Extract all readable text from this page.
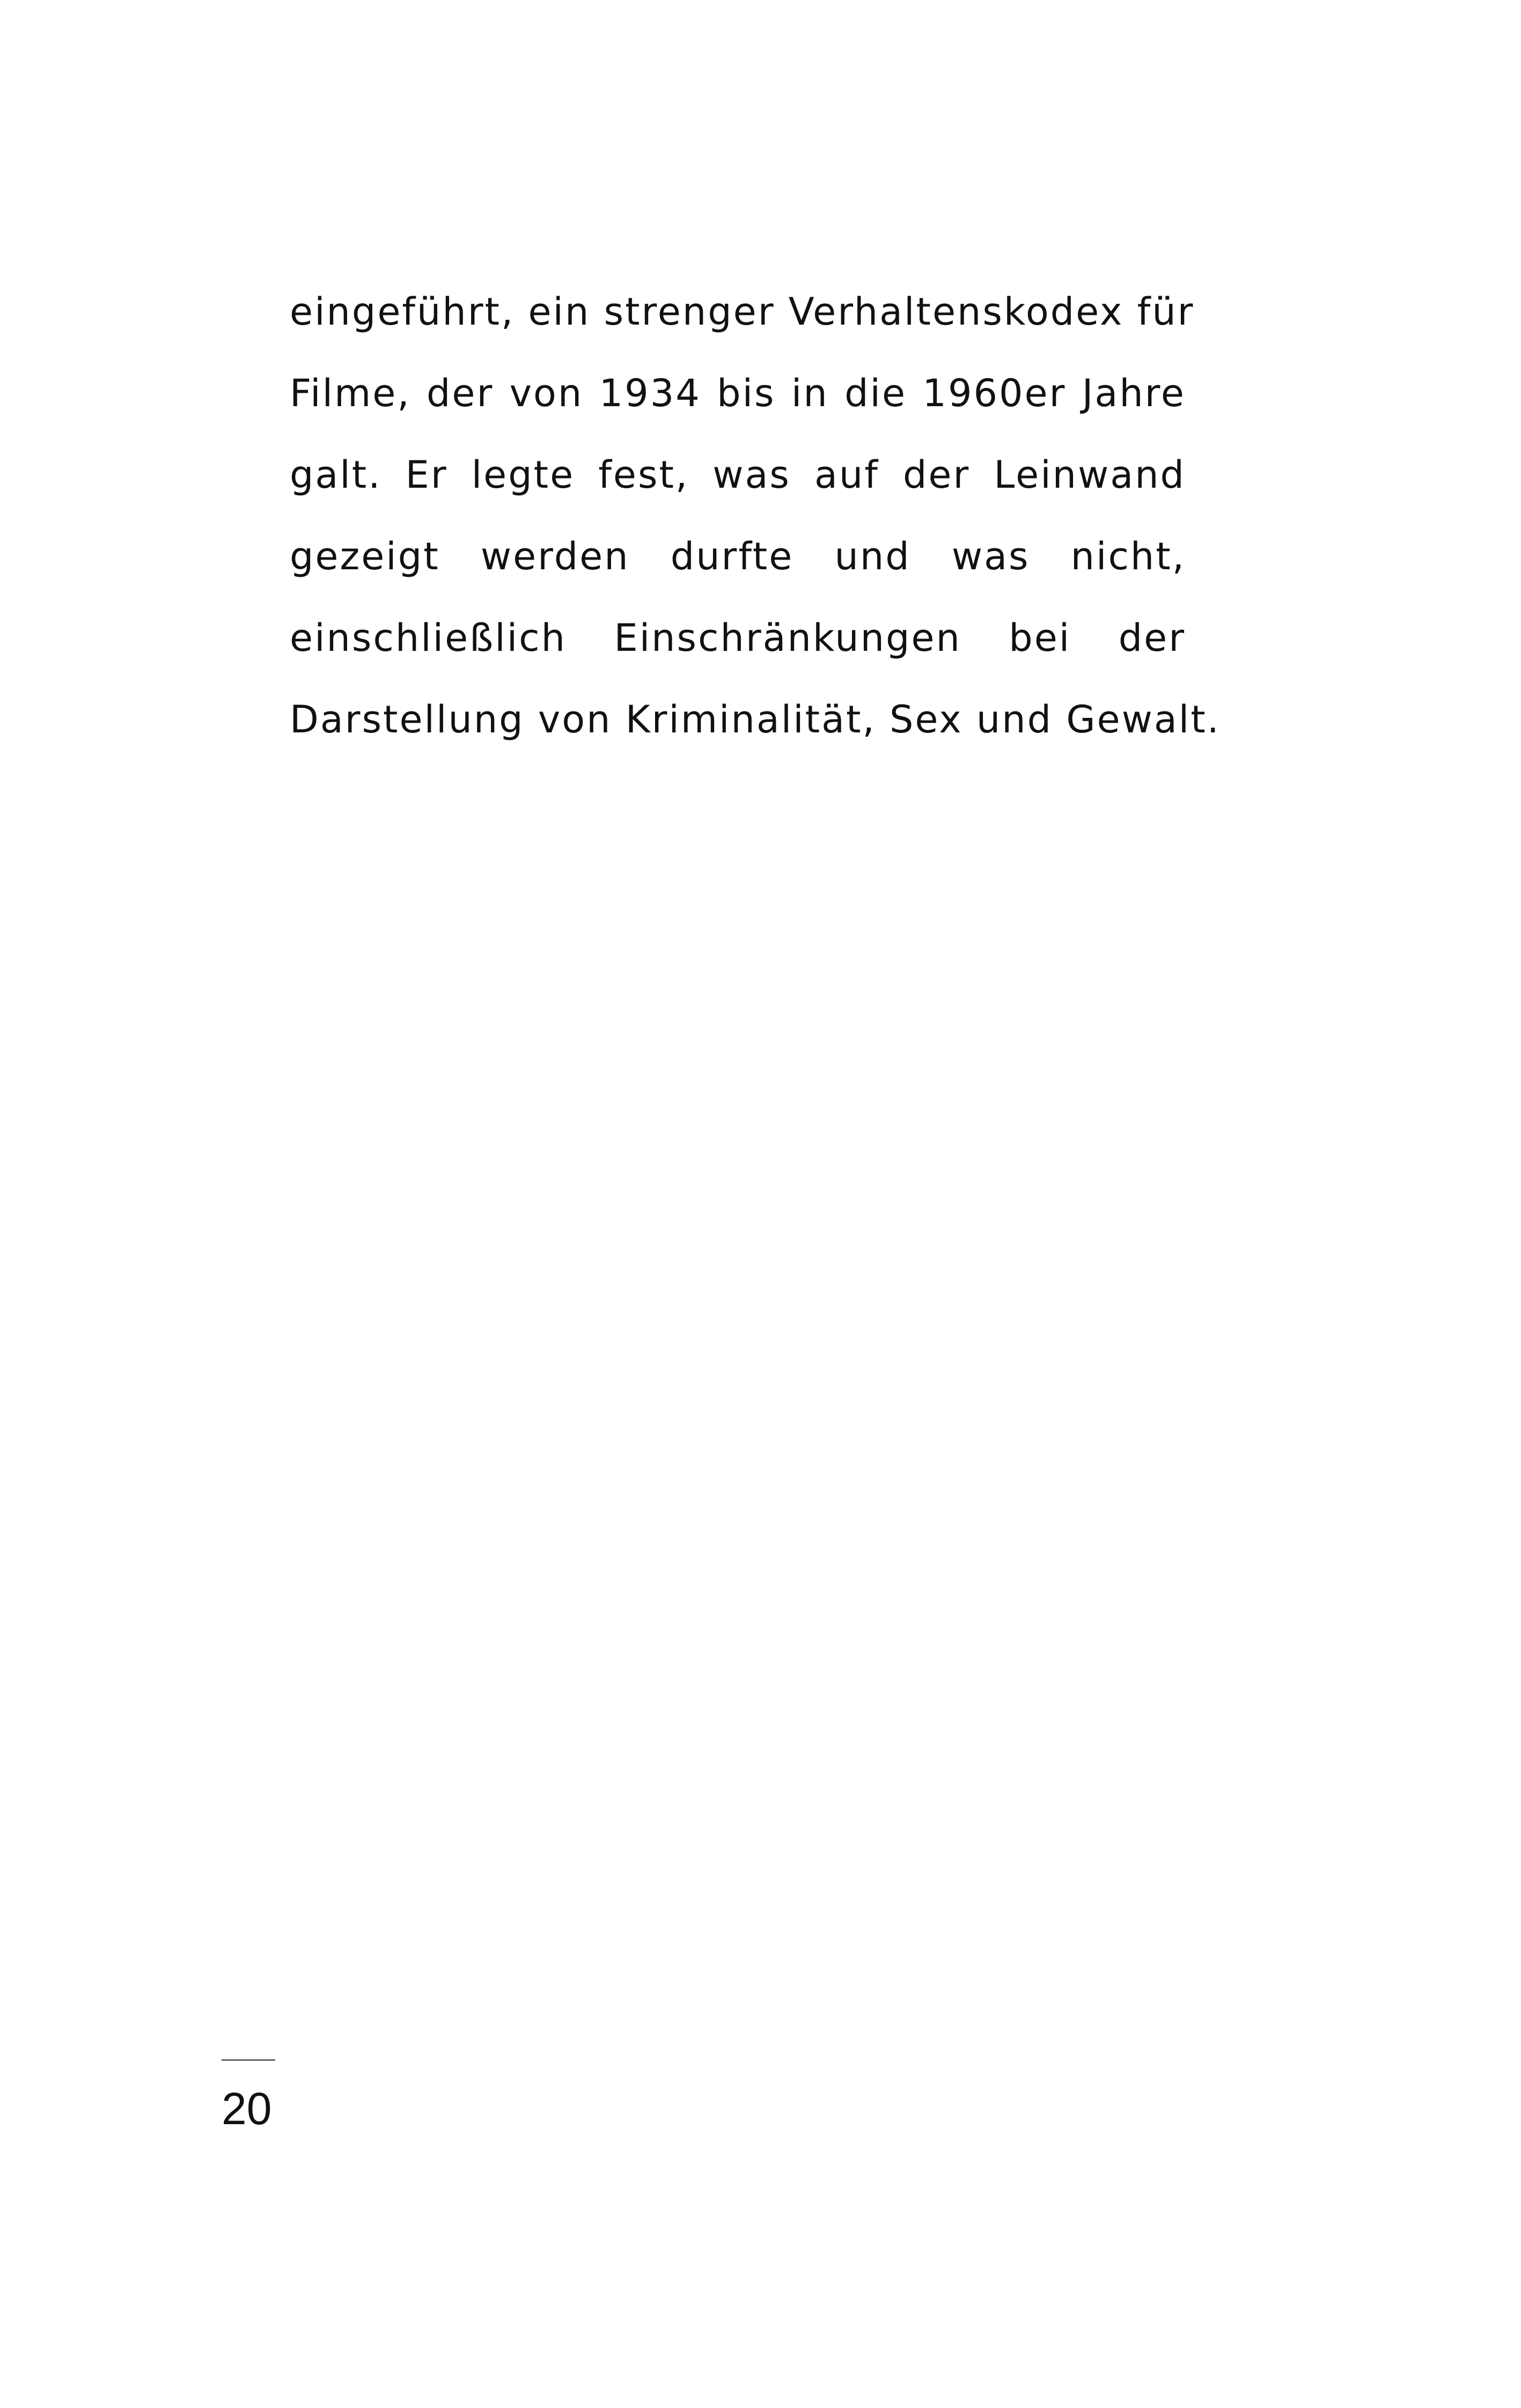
eingeführt, ein strenger Verhaltenskodex für
Filme, der von 1934 bis in die 1960er Jahre
galt. Er legte fest, was auf der Leinwand
gezeigt werden durfte und was nicht,
einschließlich Einschränkungen bei der
Darstellung von Kriminalität, Sex und Gewalt.
20
